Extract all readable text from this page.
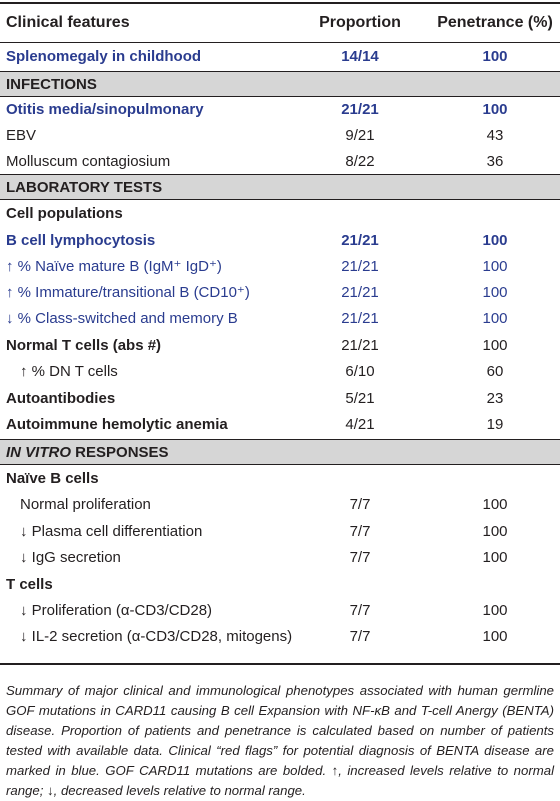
Clinical features	Proportion	Penetrance (%)
Splenomegaly in childhood	14/14	100
INFECTIONS
Otitis media/sinopulmonary	21/21	100
EBV	9/21	43
Molluscum contagiosium	8/22	36
LABORATORY TESTS
Cell populations
B cell lymphocytosis	21/21	100
↑ % Naïve mature B (IgM⁺ IgD⁺)	21/21	100
↑ % Immature/transitional B (CD10⁺)	21/21	100
↓ % Class-switched and memory B	21/21	100
Normal T cells (abs #)	21/21	100
↑ % DN T cells	6/10	60
Autoantibodies	5/21	23
Autoimmune hemolytic anemia	4/21	19
IN VITRO RESPONSES
Naïve B cells
Normal proliferation	7/7	100
↓ Plasma cell differentiation	7/7	100
↓ IgG secretion	7/7	100
T cells
↓ Proliferation (α-CD3/CD28)	7/7	100
↓ IL-2 secretion (α-CD3/CD28, mitogens)	7/7	100
Summary of major clinical and immunological phenotypes associated with human germline GOF mutations in CARD11 causing B cell Expansion with NF-κB and T-cell Anergy (BENTA) disease. Proportion of patients and penetrance is calculated based on number of patients tested with available data. Clinical “red flags” for potential diagnosis of BENTA disease are marked in blue. GOF CARD11 mutations are bolded. ↑, increased levels relative to normal range; ↓, decreased levels relative to normal range.
